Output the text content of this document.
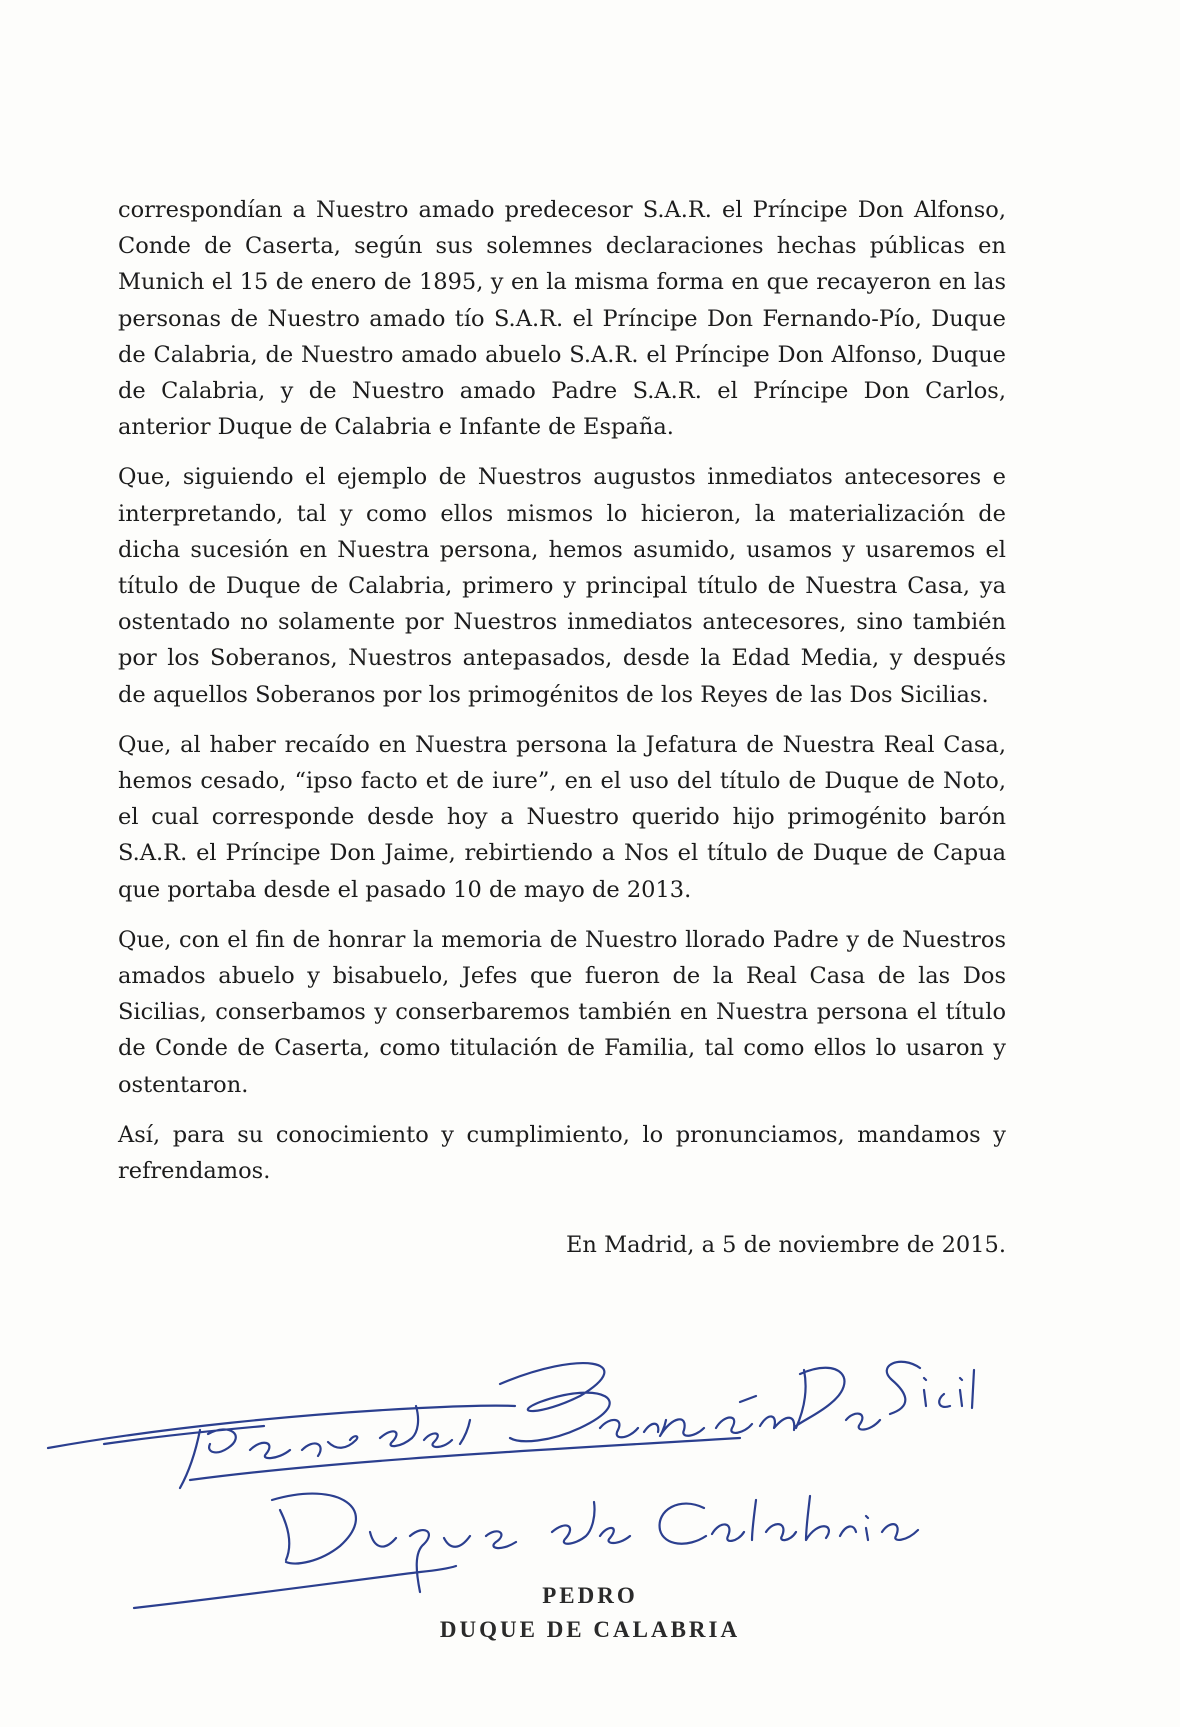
correspondían a Nuestro amado predecesor S.A.R. el Príncipe Don Alfonso, Conde de Caserta, según sus solemnes declaraciones hechas públicas en Munich el 15 de enero de 1895, y en la misma forma en que recayeron en las personas de Nuestro amado tío S.A.R. el Príncipe Don Fernando-Pío, Duque de Calabria, de Nuestro amado abuelo S.A.R. el Príncipe Don Alfonso, Duque de Calabria, y de Nuestro amado Padre S.A.R. el Príncipe Don Carlos, anterior Duque de Calabria e Infante de España.

Que, siguiendo el ejemplo de Nuestros augustos inmediatos antecesores e interpretando, tal y como ellos mismos lo hicieron, la materialización de dicha sucesión en Nuestra persona, hemos asumido, usamos y usaremos el título de Duque de Calabria, primero y principal título de Nuestra Casa, ya ostentado no solamente por Nuestros inmediatos antecesores, sino también por los Soberanos, Nuestros antepasados, desde la Edad Media, y después de aquellos Soberanos por los primogénitos de los Reyes de las Dos Sicilias.

Que, al haber recaído en Nuestra persona la Jefatura de Nuestra Real Casa, hemos cesado, “ipso facto et de iure”, en el uso del título de Duque de Noto, el cual corresponde desde hoy a Nuestro querido hijo primogénito barón S.A.R. el Príncipe Don Jaime, rebirtiendo a Nos el título de Duque de Capua que portaba desde el pasado 10 de mayo de 2013.

Que, con el fin de honrar la memoria de Nuestro llorado Padre y de Nuestros amados abuelo y bisabuelo, Jefes que fueron de la Real Casa de las Dos Sicilias, conserbamos y conserbaremos también en Nuestra persona el título de Conde de Caserta, como titulación de Familia, tal como ellos lo usaron y ostentaron.

Así, para su conocimiento y cumplimiento, lo pronunciamos, mandamos y refrendamos.

En Madrid, a 5 de noviembre de 2015.
PEDRO
DUQUE DE CALABRIA
